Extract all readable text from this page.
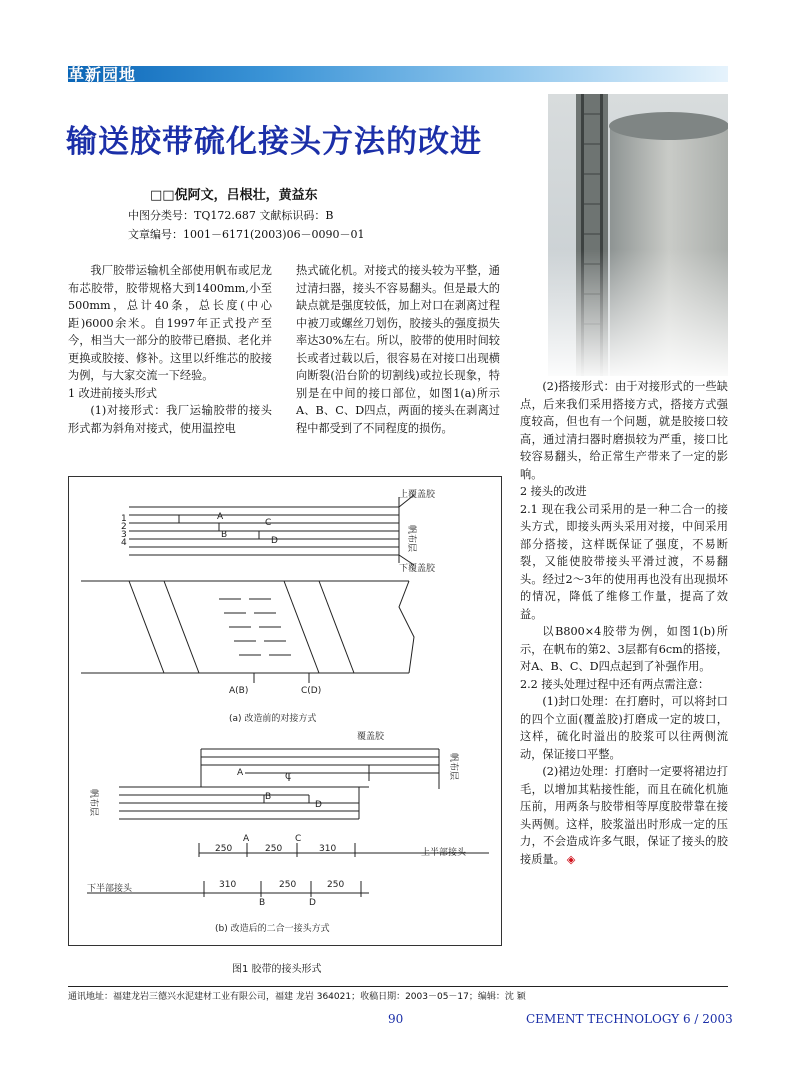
革新园地
输送胶带硫化接头方法的改进
□□倪阿文，吕根壮，黄益东
中图分类号：TQ172.687 文献标识码：B
文章编号：1001－6171(2003)06－0090－01

我厂胶带运输机全部使用帆布或尼龙布芯胶带，胶带规格大到1400mm,小至500mm，总计40条，总长度(中心距)6000余米。自1997年正式投产至今，相当大一部分的胶带已磨损、老化并更换或胶接、修补。这里以纤维芯的胶接为例，与大家交流一下经验。

1 改进前接头形式

(1)对接形式：我厂运输胶带的接头形式都为斜角对接式，使用温控电

热式硫化机。对接式的接头较为平整，通过清扫器，接头不容易翻头。但是最大的缺点就是强度较低，加上对口在剥离过程中被刀或螺丝刀划伤，胶接头的强度损失率达30%左右。所以，胶带的使用时间较长或者过载以后，很容易在对接口出现横向断裂(沿台阶的切割线)或拉长现象，特别是在中间的接口部位，如图1(a)所示A、B、C、D四点，两面的接头在剥离过程中都受到了不同程度的损伤。

(2)搭接形式：由于对接形式的一些缺点，后来我们采用搭接方式，搭接方式强度较高，但也有一个问题，就是胶接口较高，通过清扫器时磨损较为严重，接口比较容易翻头，给正常生产带来了一定的影响。

2 接头的改进

2.1 现在我公司采用的是一种二合一的接头方式，即接头两头采用对接，中间采用部分搭接，这样既保证了强度，不易断裂，又能使胶带接头平滑过渡，不易翻头。经过2～3年的使用再也没有出现损坏的情况，降低了维修工作量，提高了效益。

以B800×4胶带为例，如图1(b)所示，在帆布的第2、3层都有6cm的搭接，对A、B、C、D四点起到了补强作用。

2.2 接头处理过程中还有两点需注意：

(1)封口处理：在打磨时，可以将封口的四个立面(覆盖胶)打磨成一定的坡口，这样，硫化时溢出的胶浆可以往两侧流动，保证接口平整。

(2)裙边处理：打磨时一定要将裙边打毛，以增加其粘接性能，而且在硫化机施压前，用两条与胶带相等厚度胶带靠在接头两侧。这样，胶浆溢出时形成一定的压力，不会造成许多气眼，保证了接头的胶接质量。 ◈

上覆盖胶
下覆盖胶
帆布层
1
2
3
4
A
B
C
D
A(B)	C(D)
(a) 改造前的对接方式
覆盖胶
帆布层
帆布层
A	C
B
D
A	C
250	250	310	上半部接头
下半部接头	310	250	250
B	D
(b) 改造后的二合一接头方式
图1 胶带的接头形式
通讯地址：福建龙岩三德兴水泥建材工业有限公司，福建 龙岩 364021；收稿日期：2003－05－17；编辑：沈 颖
90	CEMENT TECHNOLOGY 6 / 2003
